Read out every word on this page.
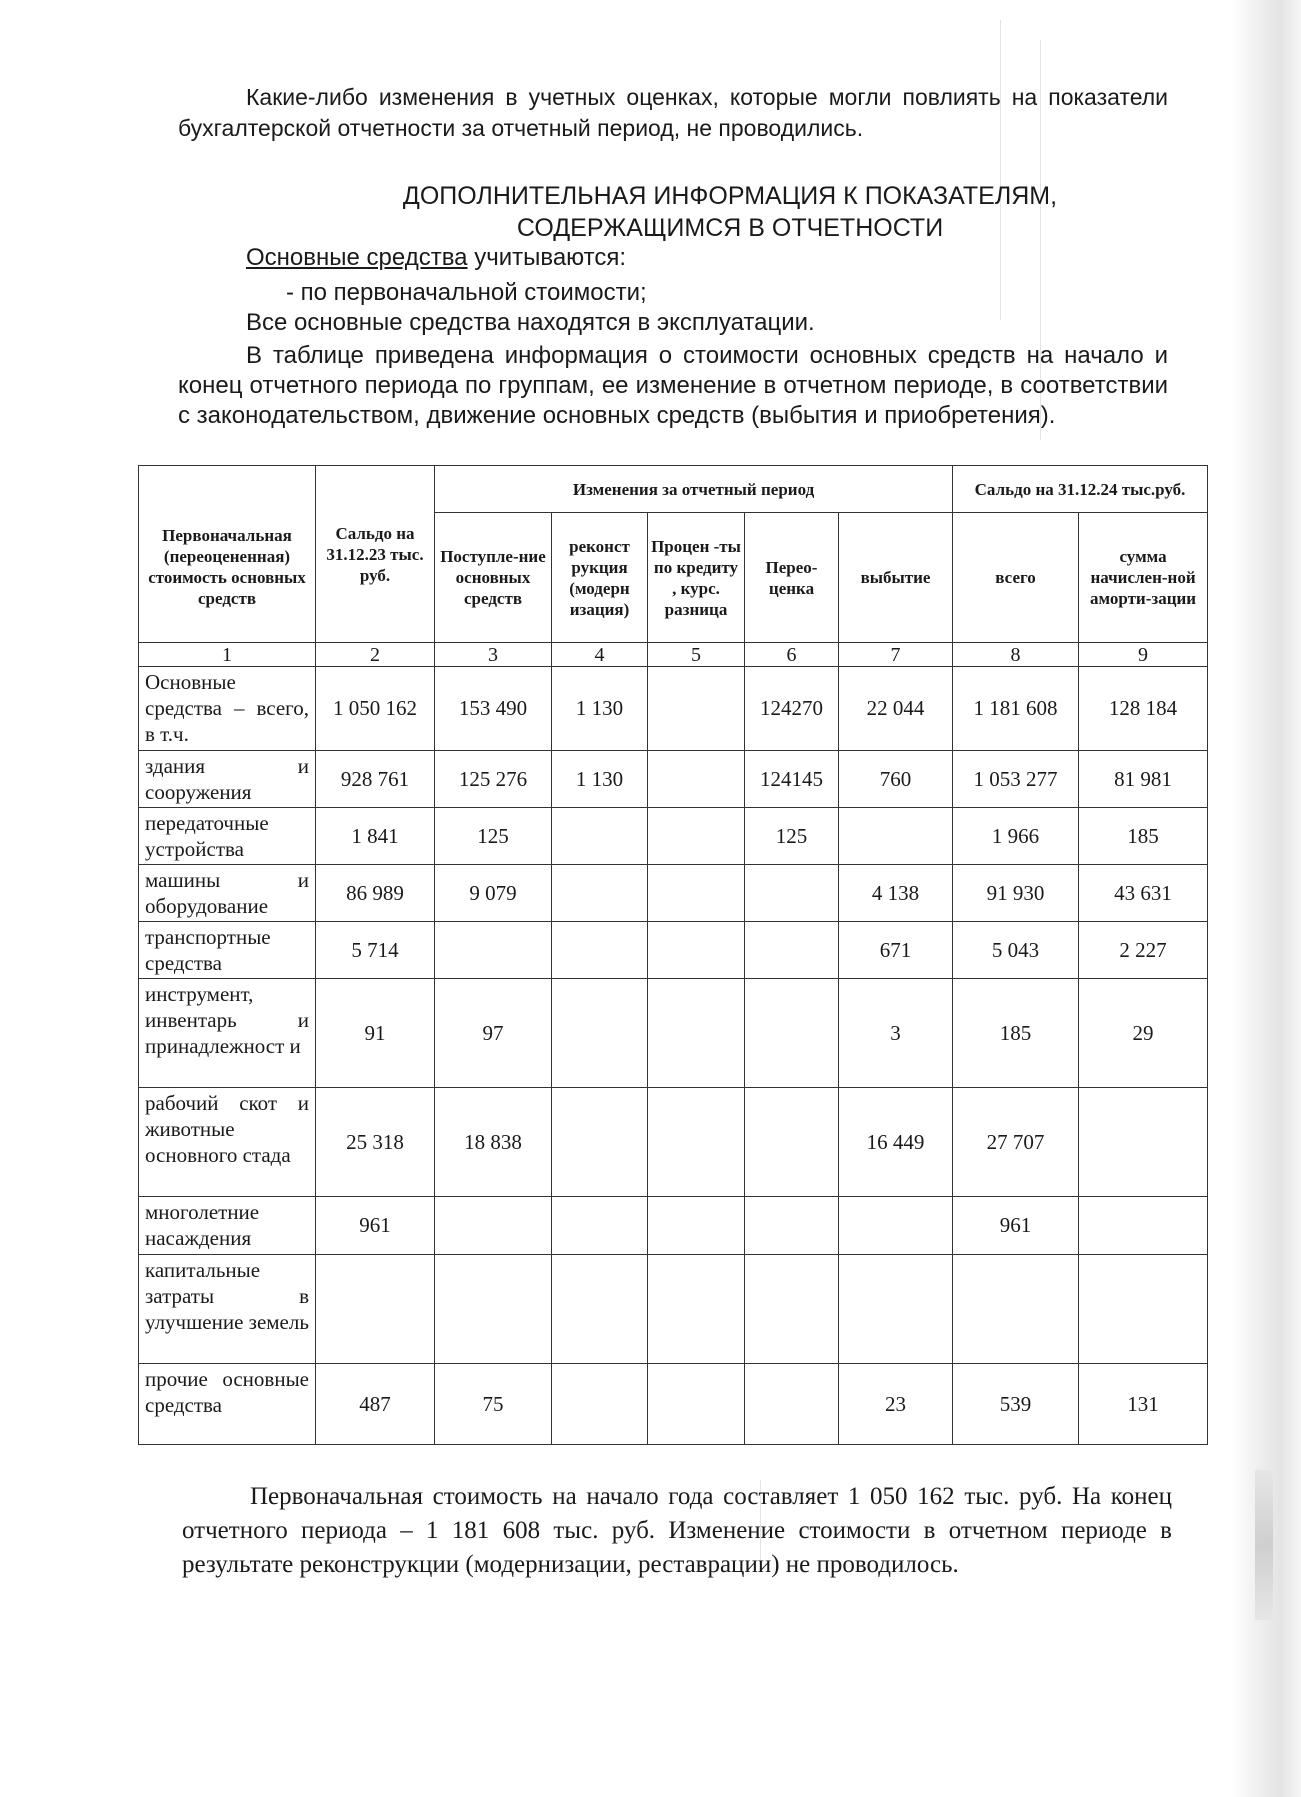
Какие-либо изменения в учетных оценках, которые могли повлиять на показатели бухгалтерской отчетности за отчетный период, не проводились.

ДОПОЛНИТЕЛЬНАЯ ИНФОРМАЦИЯ К ПОКАЗАТЕЛЯМ,

СОДЕРЖАЩИМСЯ В ОТЧЕТНОСТИ

Основные средства учитываются:

- по первоначальной стоимости;

Все основные средства находятся в эксплуатации.

В таблице приведена информация о стоимости основных средств на начало и конец отчетного периода по группам, ее изменение в отчетном периоде, в соответствии с законодательством, движение основных средств (выбытия и приобретения).

Первоначальная (переоцененная) стоимость основных средств	Сальдо на 31.12.23 тыс. руб.	Изменения за отчетный период					Сальдо на 31.12.24 тыс.руб.	
		Поступле-ние основных средств	реконст рукция (модерн изация)	Процен -ты по кредиту , курс. разница	Перео-ценка	выбытие	всего	сумма начислен-ной аморти-зации
1	2	3	4	5	6	7	8	9
Основные средства – всего, в т.ч.	1 050 162	153 490	1 130		124270	22 044	1 181 608	128 184
здания и сооружения	928 761	125 276	1 130		124145	760	1 053 277	81 981
передаточные устройства	1 841	125			125		1 966	185
машины и оборудование	86 989	9 079				4 138	91 930	43 631
транспортные средства	5 714					671	5 043	2 227
инструмент, инвентарь и принадлежност и	91	97				3	185	29
рабочий скот и животные основного стада	25 318	18 838				16 449	27 707	
многолетние насаждения	961						961	
капитальные затраты в улучшение земель								
прочие основные средства	487	75				23	539	131

Первоначальная стоимость на начало года составляет 1 050 162 тыс. руб. На конец отчетного периода – 1 181 608 тыс. руб. Изменение стоимости в отчетном периоде в результате реконструкции (модернизации, реставрации) не проводилось.
